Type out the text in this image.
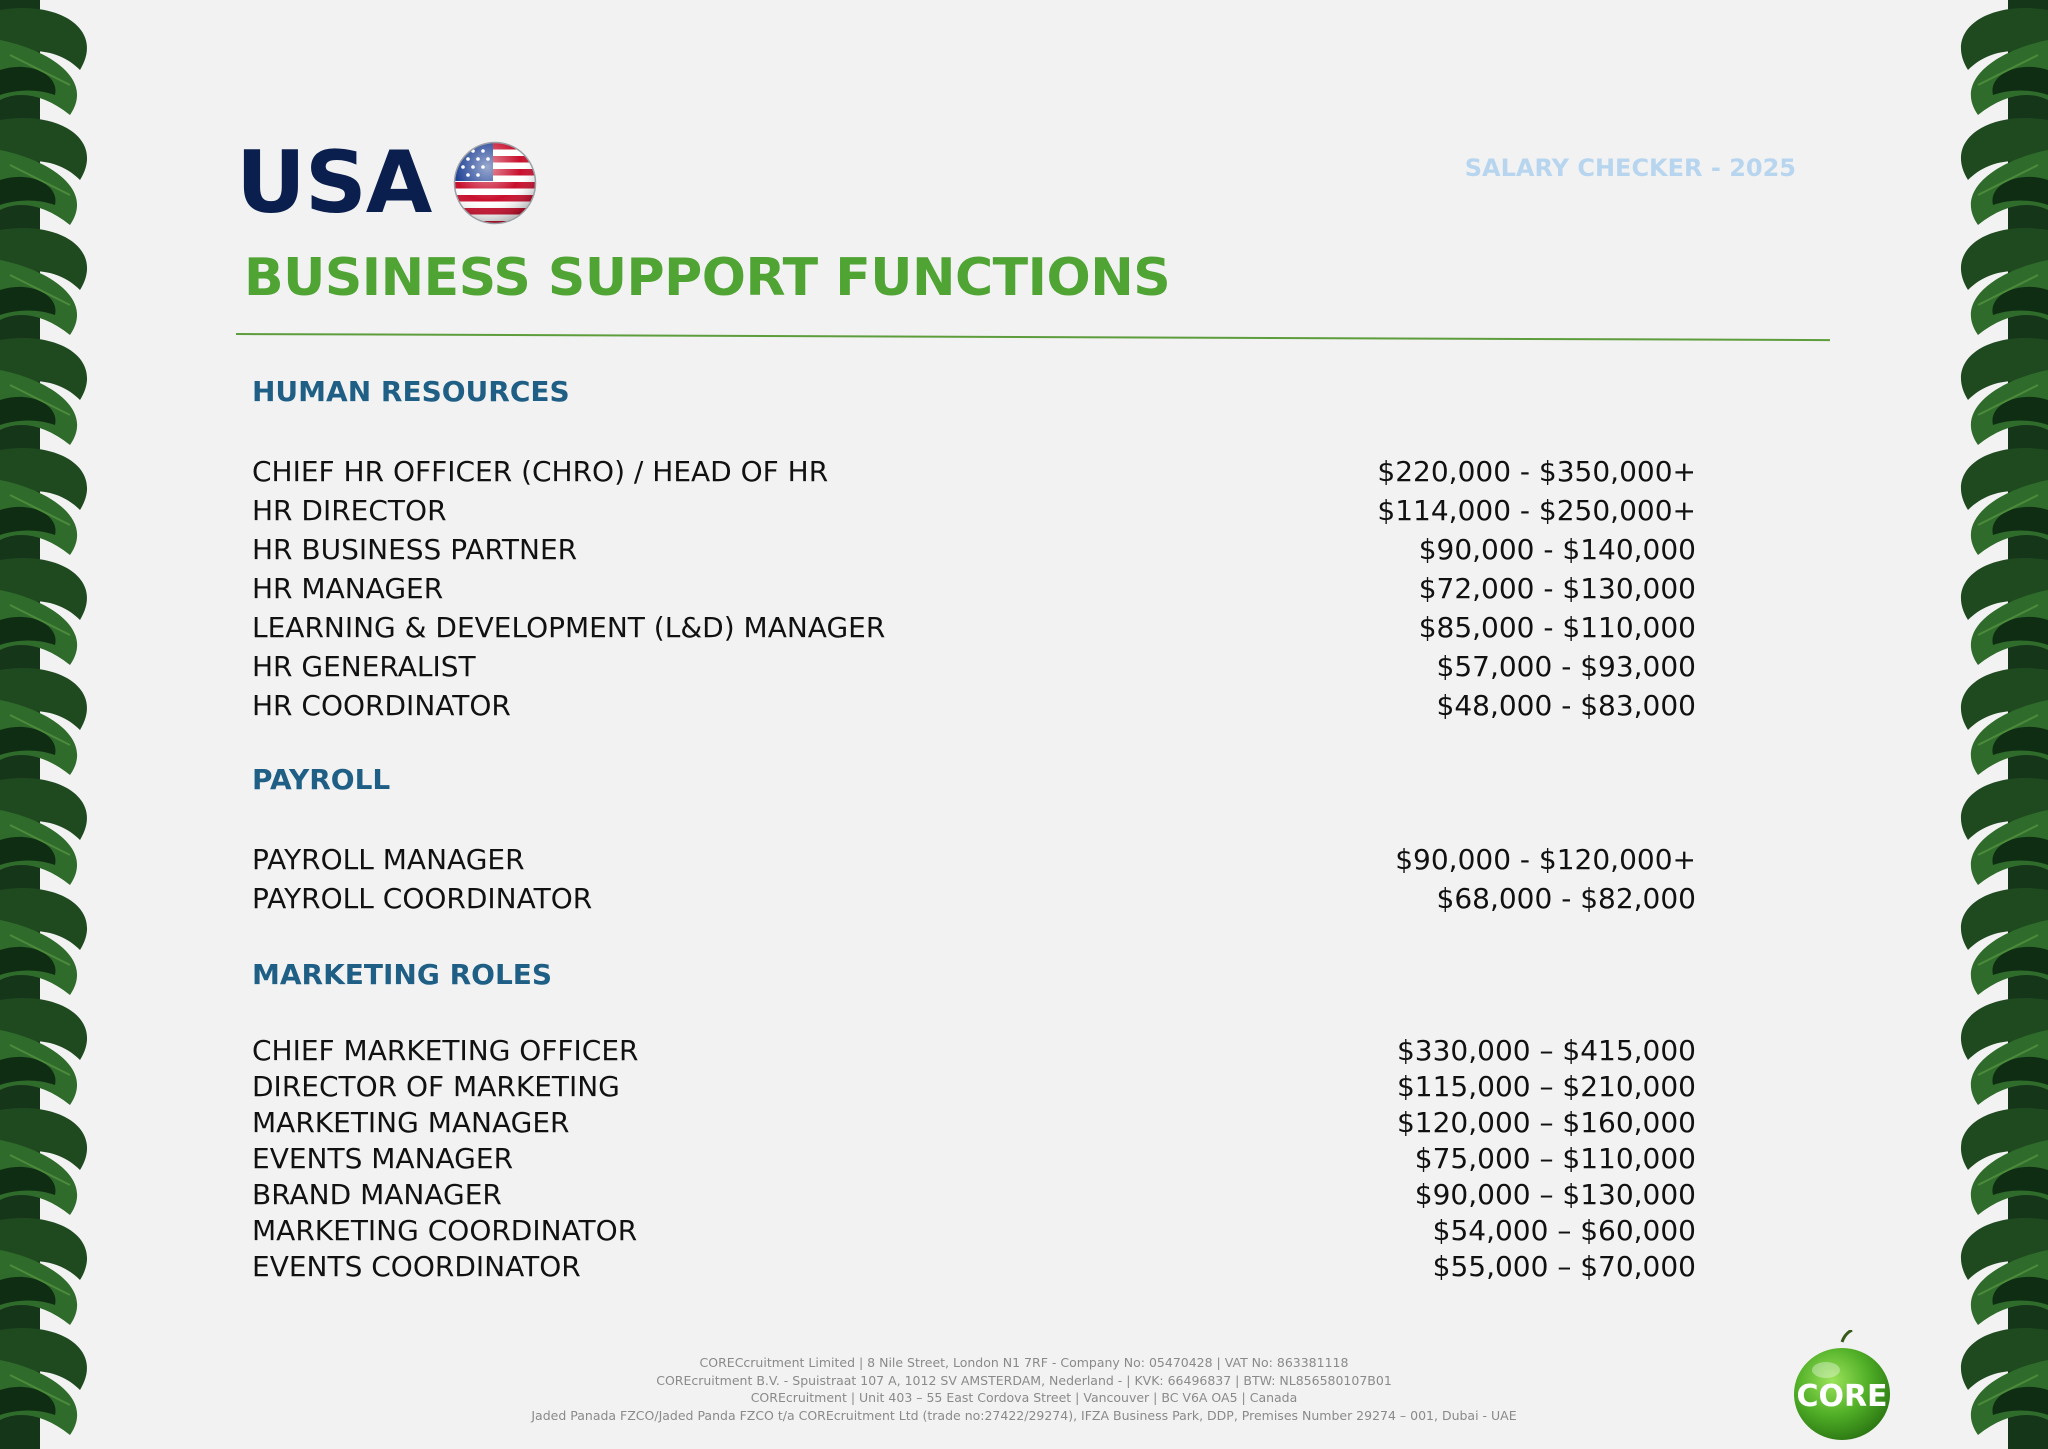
USA	SALARY CHECKER - 2025
BUSINESS SUPPORT FUNCTIONS
HUMAN RESOURCES
CHIEF HR OFFICER (CHRO) / HEAD OF HR	$220,000 - $350,000+
HR DIRECTOR	$114,000 - $250,000+
HR BUSINESS PARTNER	$90,000 - $140,000
HR MANAGER	$72,000 - $130,000
LEARNING & DEVELOPMENT (L&D) MANAGER	$85,000 - $110,000
HR GENERALIST	$57,000 - $93,000
HR COORDINATOR	$48,000 - $83,000
PAYROLL
PAYROLL MANAGER	$90,000 - $120,000+
PAYROLL COORDINATOR	$68,000 - $82,000
MARKETING ROLES
CHIEF MARKETING OFFICER	$330,000 – $415,000
DIRECTOR OF MARKETING	$115,000 – $210,000
MARKETING MANAGER	$120,000 – $160,000
EVENTS MANAGER	$75,000 – $110,000
BRAND MANAGER	$90,000 – $130,000
MARKETING COORDINATOR	$54,000 – $60,000
EVENTS COORDINATOR	$55,000 – $70,000
CORECcruitment Limited | 8 Nile Street, London N1 7RF - Company No: 05470428 | VAT No: 863381118
COREcruitment B.V. - Spuistraat 107 A, 1012 SV AMSTERDAM, Nederland - | KVK: 66496837 | BTW: NL856580107B01
COREcruitment | Unit 403 – 55 East Cordova Street | Vancouver | BC V6A OA5 | Canada
Jaded Panada FZCO/Jaded Panda FZCO t/a COREcruitment Ltd (trade no:27422/29274), IFZA Business Park, DDP, Premises Number 29274 – 001, Dubai - UAE
CORE
